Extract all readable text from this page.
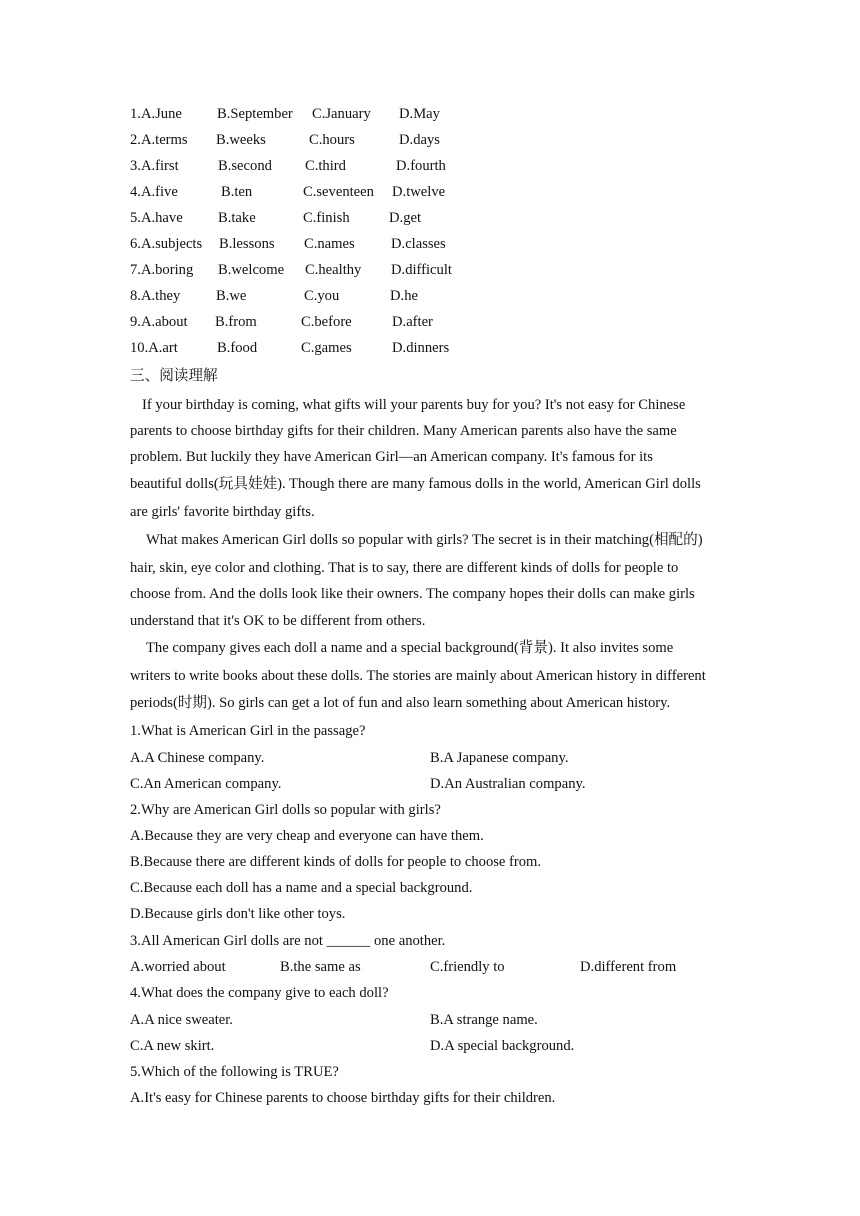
1.A.June B.September C.January D.May
2.A.terms B.weeks	C.hours	D.days
3.A.first	B.second C.third	D.fourth
4.A.five	B.ten	C.seventeen D.twelve
5.A.have B.take	C.finish	D.get
6.A.subjects B.lessons C.names D.classes
7.A.boring B.welcome C.healthy D.difficult
8.A.they B.we	C.you	D.he
9.A.about B.from	C.before	D.after
10.A.art	B.food	C.games	D.dinners
三、阅读理解
If your birthday is coming, what gifts will your parents buy for you? It's not easy for Chinese
parents to choose birthday gifts for their children. Many American parents also have the same
problem. But luckily they have American Girl—an American company. It's famous for its
beautiful dolls(玩具娃娃). Though there are many famous dolls in the world, American Girl dolls
are girls' favorite birthday gifts.
What makes American Girl dolls so popular with girls? The secret is in their matching(相配的)
hair, skin, eye color and clothing. That is to say, there are different kinds of dolls for people to
choose from. And the dolls look like their owners. The company hopes their dolls can make girls
understand that it's OK to be different from others.
The company gives each doll a name and a special background(背景). It also invites some
writers to write books about these dolls. The stories are mainly about American history in different
periods(时期). So girls can get a lot of fun and also learn something about American history.
1.What is American Girl in the passage?
A.A Chinese company.	B.A Japanese company.
C.An American company.	D.An Australian company.
2.Why are American Girl dolls so popular with girls?
A.Because they are very cheap and everyone can have them.
B.Because there are different kinds of dolls for people to choose from.
C.Because each doll has a name and a special background.
D.Because girls don't like other toys.
3.All American Girl dolls are not ______ one another.
A.worried about	B.the same as	C.friendly to	D.different from
4.What does the company give to each doll?
A.A nice sweater.	B.A strange name.
C.A new skirt.	D.A special background.
5.Which of the following is TRUE?
A.It's easy for Chinese parents to choose birthday gifts for their children.
